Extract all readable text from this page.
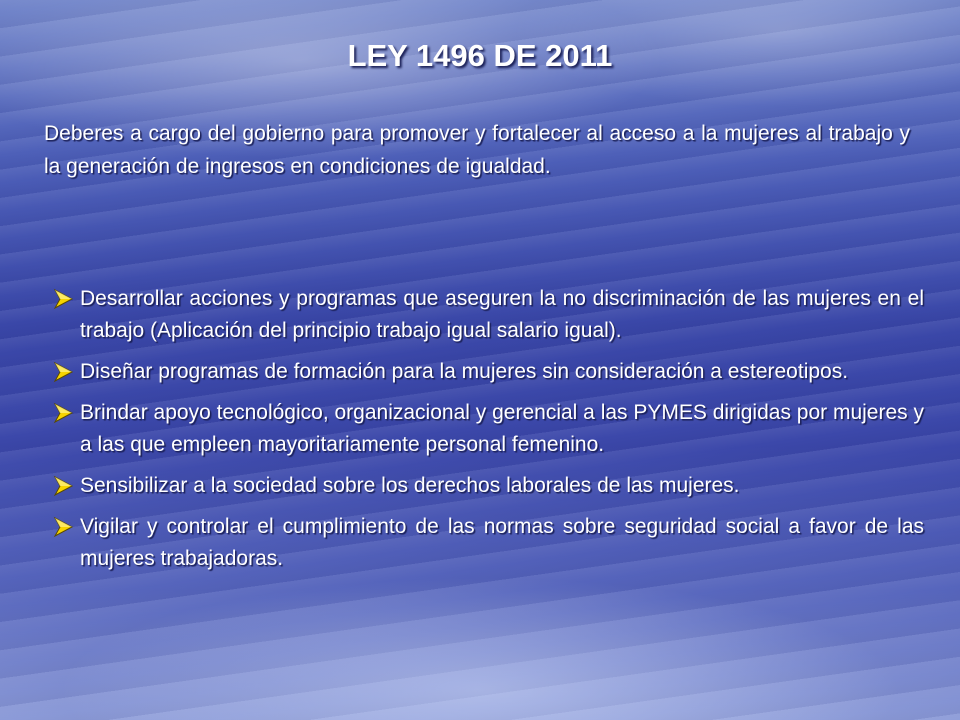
LEY 1496 DE 2011
Deberes a cargo del gobierno para promover y fortalecer al acceso a la mujeres al trabajo y la generación de ingresos en condiciones de igualdad.
Desarrollar acciones y programas que aseguren la no discriminación de las mujeres en el trabajo (Aplicación del principio trabajo igual salario igual).
Diseñar programas de formación para la mujeres sin consideración a estereotipos.
Brindar apoyo tecnológico, organizacional y gerencial a las PYMES dirigidas por mujeres y a las que empleen mayoritariamente personal femenino.
Sensibilizar a la sociedad sobre los derechos laborales de las mujeres.
Vigilar y controlar el cumplimiento de las normas sobre seguridad social a favor de las mujeres trabajadoras.
